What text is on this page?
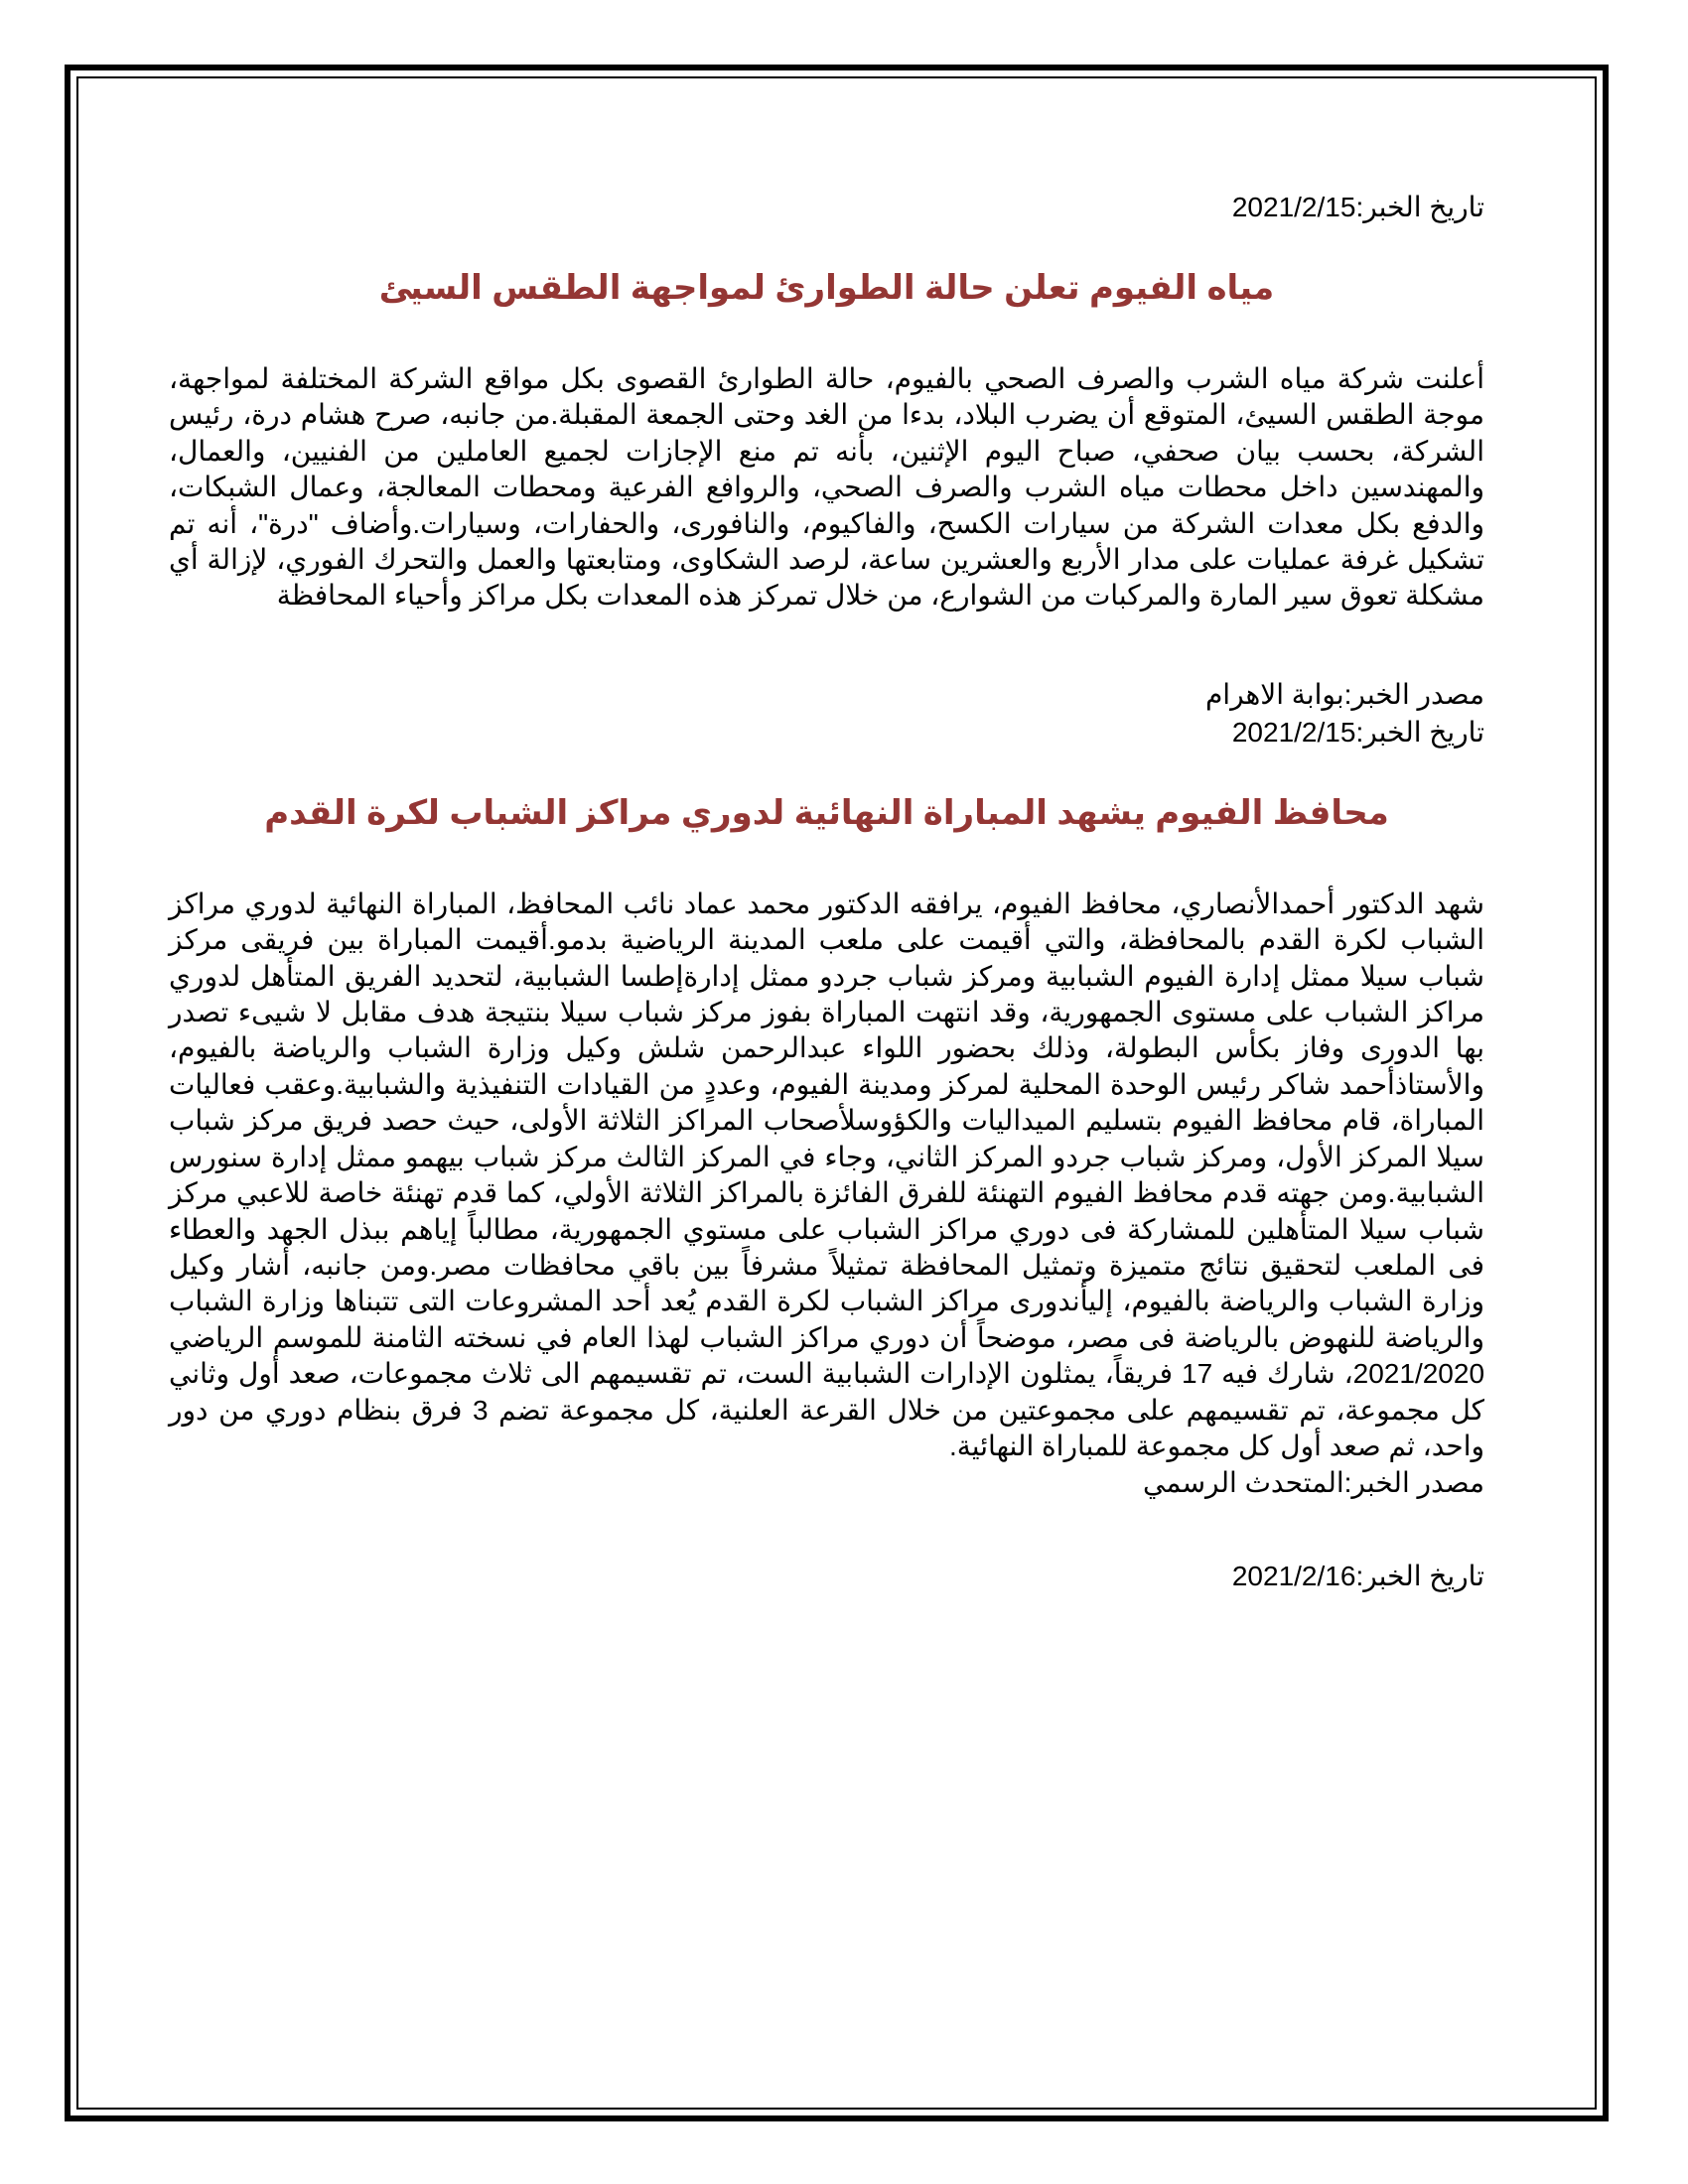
تاريخ الخبر:2021/2/15

مياه الفيوم تعلن حالة الطوارئ لمواجهة الطقس السيئ

أعلنت شركة مياه الشرب والصرف الصحي بالفيوم، حالة الطوارئ القصوى بكل مواقع الشركة المختلفة لمواجهة، موجة الطقس السيئ، المتوقع أن يضرب البلاد، بدءا من الغد وحتى الجمعة المقبلة.من جانبه، صرح هشام درة، رئيس الشركة، بحسب بيان صحفي، صباح اليوم الإثنين، بأنه تم منع الإجازات لجميع العاملين من الفنيين، والعمال، والمهندسين داخل محطات مياه الشرب والصرف الصحي، والروافع الفرعية ومحطات المعالجة، وعمال الشبكات، والدفع بكل معدات الشركة من سيارات الكسح، والفاكيوم، والنافورى، والحفارات، وسيارات.وأضاف "درة"، أنه تم تشكيل غرفة عمليات على مدار الأربع والعشرين ساعة، لرصد الشكاوى، ومتابعتها والعمل والتحرك الفوري، لإزالة أي مشكلة تعوق سير المارة والمركبات من الشوارع، من خلال تمركز هذه المعدات بكل مراكز وأحياء المحافظة

مصدر الخبر:بوابة الاهرام

تاريخ الخبر:2021/2/15

محافظ الفيوم يشهد المباراة النهائية لدوري مراكز الشباب لكرة القدم

شهد الدكتور أحمدالأنصاري، محافظ الفيوم، يرافقه الدكتور محمد عماد نائب المحافظ، المباراة النهائية لدوري مراكز الشباب لكرة القدم بالمحافظة، والتي أقيمت على ملعب المدينة الرياضية بدمو.أقيمت المباراة بين فريقى مركز شباب سيلا ممثل إدارة الفيوم الشبابية ومركز شباب جردو ممثل إدارةإطسا الشبابية، لتحديد الفريق المتأهل لدوري مراكز الشباب على مستوى الجمهورية، وقد انتهت المباراة بفوز مركز شباب سيلا بنتيجة هدف مقابل لا شيىء تصدر بها الدورى وفاز بكأس البطولة، وذلك بحضور اللواء عبدالرحمن شلش وكيل وزارة الشباب والرياضة بالفيوم، والأستاذأحمد شاكر رئيس الوحدة المحلية لمركز ومدينة الفيوم، وعددٍ من القيادات التنفيذية والشبابية.وعقب فعاليات المباراة، قام محافظ الفيوم بتسليم الميداليات والكؤوسلأصحاب المراكز الثلاثة الأولى، حيث حصد فريق مركز شباب سيلا المركز الأول، ومركز شباب جردو المركز الثاني، وجاء في المركز الثالث مركز شباب بيهمو ممثل إدارة سنورس الشبابية.ومن جهته قدم محافظ الفيوم التهنئة للفرق الفائزة بالمراكز الثلاثة الأولي، كما قدم تهنئة خاصة للاعبي مركز شباب سيلا المتأهلين للمشاركة فى دوري مراكز الشباب على مستوي الجمهورية، مطالباً إياهم ببذل الجهد والعطاء فى الملعب لتحقيق نتائج متميزة وتمثيل المحافظة تمثيلاً مشرفاً بين باقي محافظات مصر.ومن جانبه، أشار وكيل وزارة الشباب والرياضة بالفيوم، إليأندورى مراكز الشباب لكرة القدم يُعد أحد المشروعات التى تتبناها وزارة الشباب والرياضة للنهوض بالرياضة فى مصر، موضحاً أن دوري مراكز الشباب لهذا العام في نسخته الثامنة للموسم الرياضي 2021/2020، شارك فيه 17 فريقاً، يمثلون الإدارات الشبابية الست، تم تقسيمهم الى ثلاث مجموعات، صعد أول وثاني كل مجموعة، تم تقسيمهم على مجموعتين من خلال القرعة العلنية، كل مجموعة تضم 3 فرق بنظام دوري من دور واحد، ثم صعد أول كل مجموعة للمباراة النهائية.

مصدر الخبر:المتحدث الرسمي

تاريخ الخبر:2021/2/16
